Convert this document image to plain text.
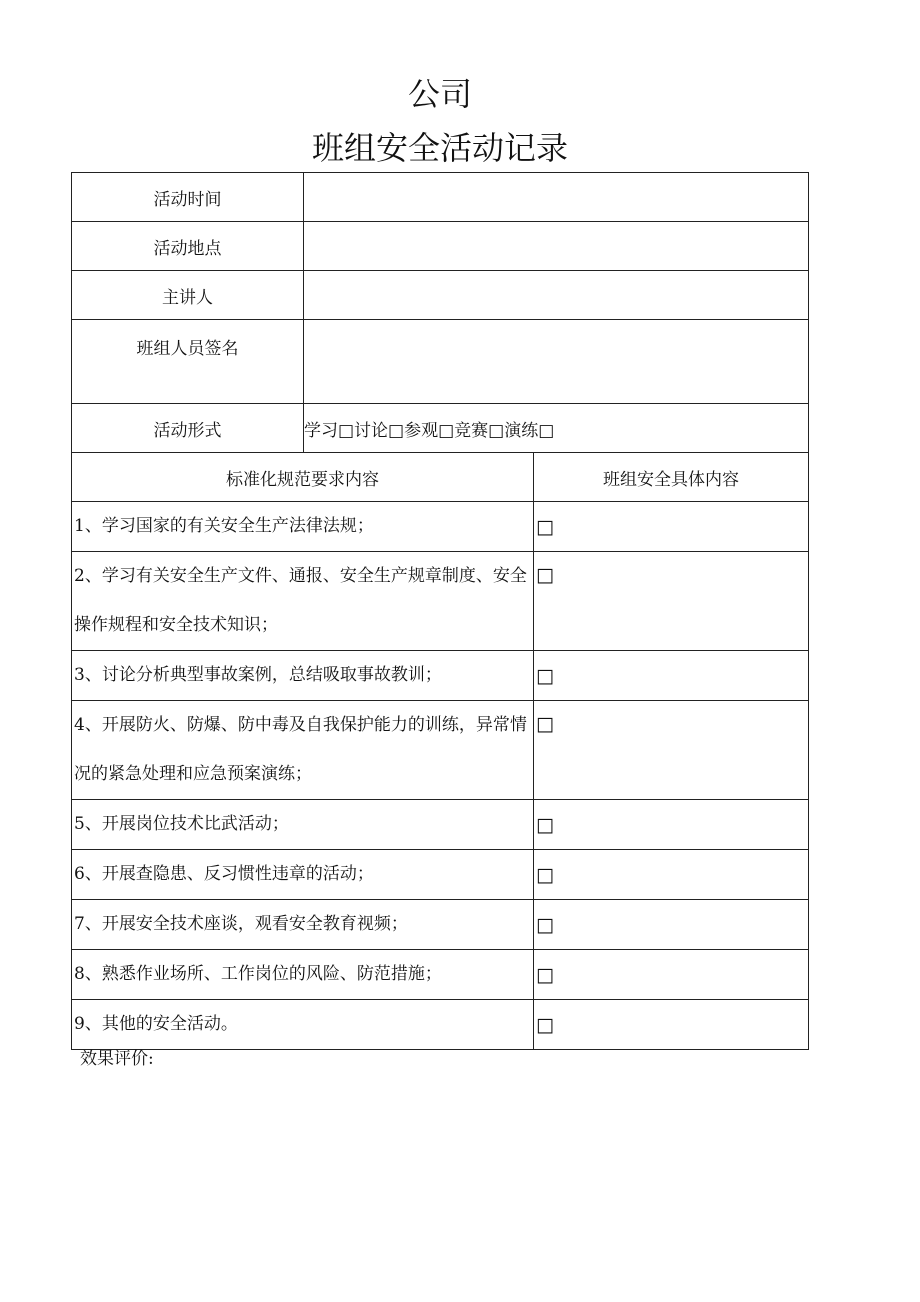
公司
班组安全活动记录
活动时间		
活动地点		
主讲人		
班组人员签名		
活动形式	学习□讨论□参观□竞赛□演练□	
标准化规范要求内容		班组安全具体内容
1、学习国家的有关安全生产法律法规；		□
2、学习有关安全生产文件、通报、安全生产规章制度、安全操作规程和安全技术知识；		□
3、讨论分析典型事故案例，总结吸取事故教训；		□
4、开展防火、防爆、防中毒及自我保护能力的训练，异常情况的紧急处理和应急预案演练；		□
5、开展岗位技术比武活动；		□
6、开展查隐患、反习惯性违章的活动；		□
7、开展安全技术座谈，观看安全教育视频；		□
8、熟悉作业场所、工作岗位的风险、防范措施；		□
9、其他的安全活动。		□
效果评价:
